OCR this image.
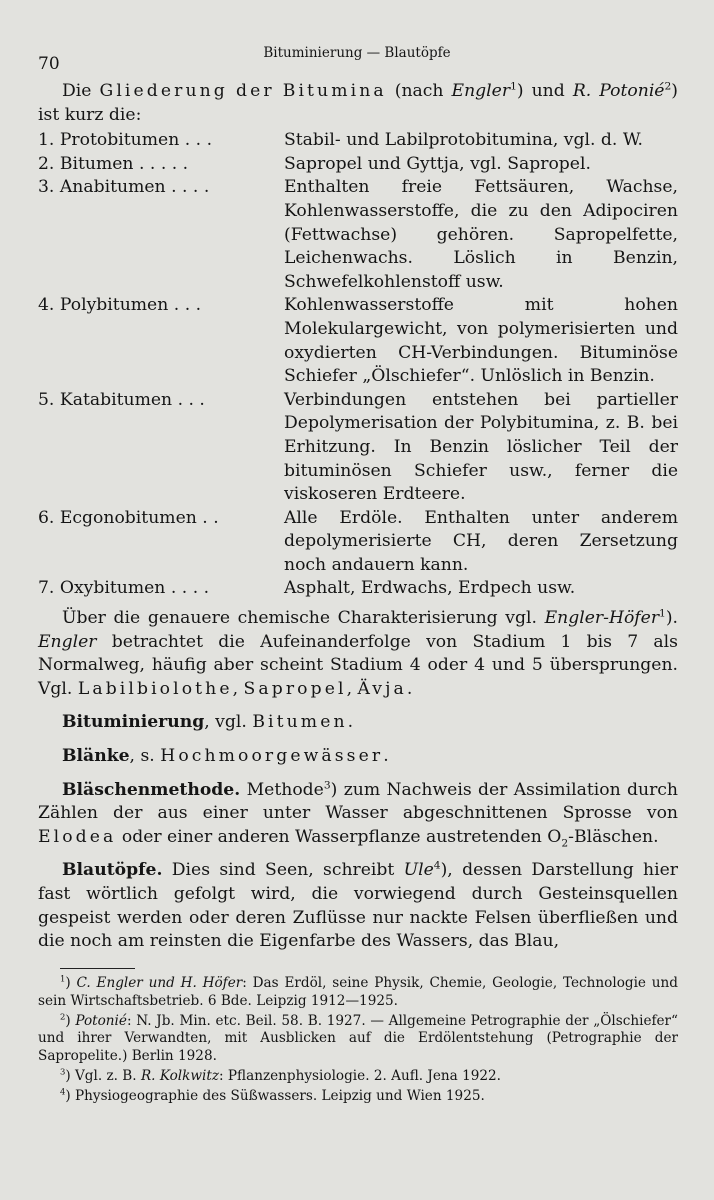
70
Bituminierung — Blautöpfe

Die Gliederung der Bitumina (nach Engler$^1$) und R. Potonié$^2$) ist kurz die:

1. Protobitumen . . .	Stabil- und Labilprotobitumina, vgl. d. W.
2. Bitumen . . . . .	Sapropel und Gyttja, vgl. Sapropel.
3. Anabitumen . . . .	Enthalten freie Fettsäuren, Wachse, Kohlenwasserstoffe, die zu den Adipociren (Fettwachse) gehören. Sapropelfette, Leichenwachs. Löslich in Benzin, Schwefelkohlenstoff usw.
4. Polybitumen . . .	Kohlenwasserstoffe mit hohen Molekulargewicht, von polymerisierten und oxydierten CH-Verbindungen. Bituminöse Schiefer „Ölschiefer“. Unlöslich in Benzin.
5. Katabitumen . . .	Verbindungen entstehen bei partieller Depolymerisation der Polybitumina, z. B. bei Erhitzung. In Benzin löslicher Teil der bituminösen Schiefer usw., ferner die viskoseren Erdteere.
6. Ecgonobitumen . .	Alle Erdöle. Enthalten unter anderem depolymerisierte CH, deren Zersetzung noch andauern kann.
7. Oxybitumen . . . .	Asphalt, Erdwachs, Erdpech usw.

Über die genauere chemische Charakterisierung vgl. Engler-Höfer$^1$). Engler betrachtet die Aufeinanderfolge von Stadium 1 bis 7 als Normalweg, häufig aber scheint Stadium 4 oder 4 und 5 übersprungen. Vgl. Labilbiolothe, Sapropel, Ävja.

Bituminierung, vgl. Bitumen.

Blänke, s. Hochmoorgewässer.

Bläschenmethode. Methode$^3$) zum Nachweis der Assimilation durch Zählen der aus einer unter Wasser abgeschnittenen Sprosse von Elodea oder einer anderen Wasserpflanze austretenden $O_2$-Bläschen.

Blautöpfe. Dies sind Seen, schreibt Ule$^4$), dessen Darstellung hier fast wörtlich gefolgt wird, die vorwiegend durch Gesteinsquellen gespeist werden oder deren Zuflüsse nur nackte Felsen überfließen und die noch am reinsten die Eigenfarbe des Wassers, das Blau,

$^1$) C. Engler und H. Höfer: Das Erdöl, seine Physik, Chemie, Geologie, Technologie und sein Wirtschaftsbetrieb. 6 Bde. Leipzig 1912—1925.

$^2$) Potonié: N. Jb. Min. etc. Beil. 58. B. 1927. — Allgemeine Petrographie der „Ölschiefer“ und ihrer Verwandten, mit Ausblicken auf die Erdölentstehung (Petrographie der Sapropelite.) Berlin 1928.

$^3$) Vgl. z. B. R. Kolkwitz: Pflanzenphysiologie. 2. Aufl. Jena 1922.

$^4$) Physiogeographie des Süßwassers. Leipzig und Wien 1925.
